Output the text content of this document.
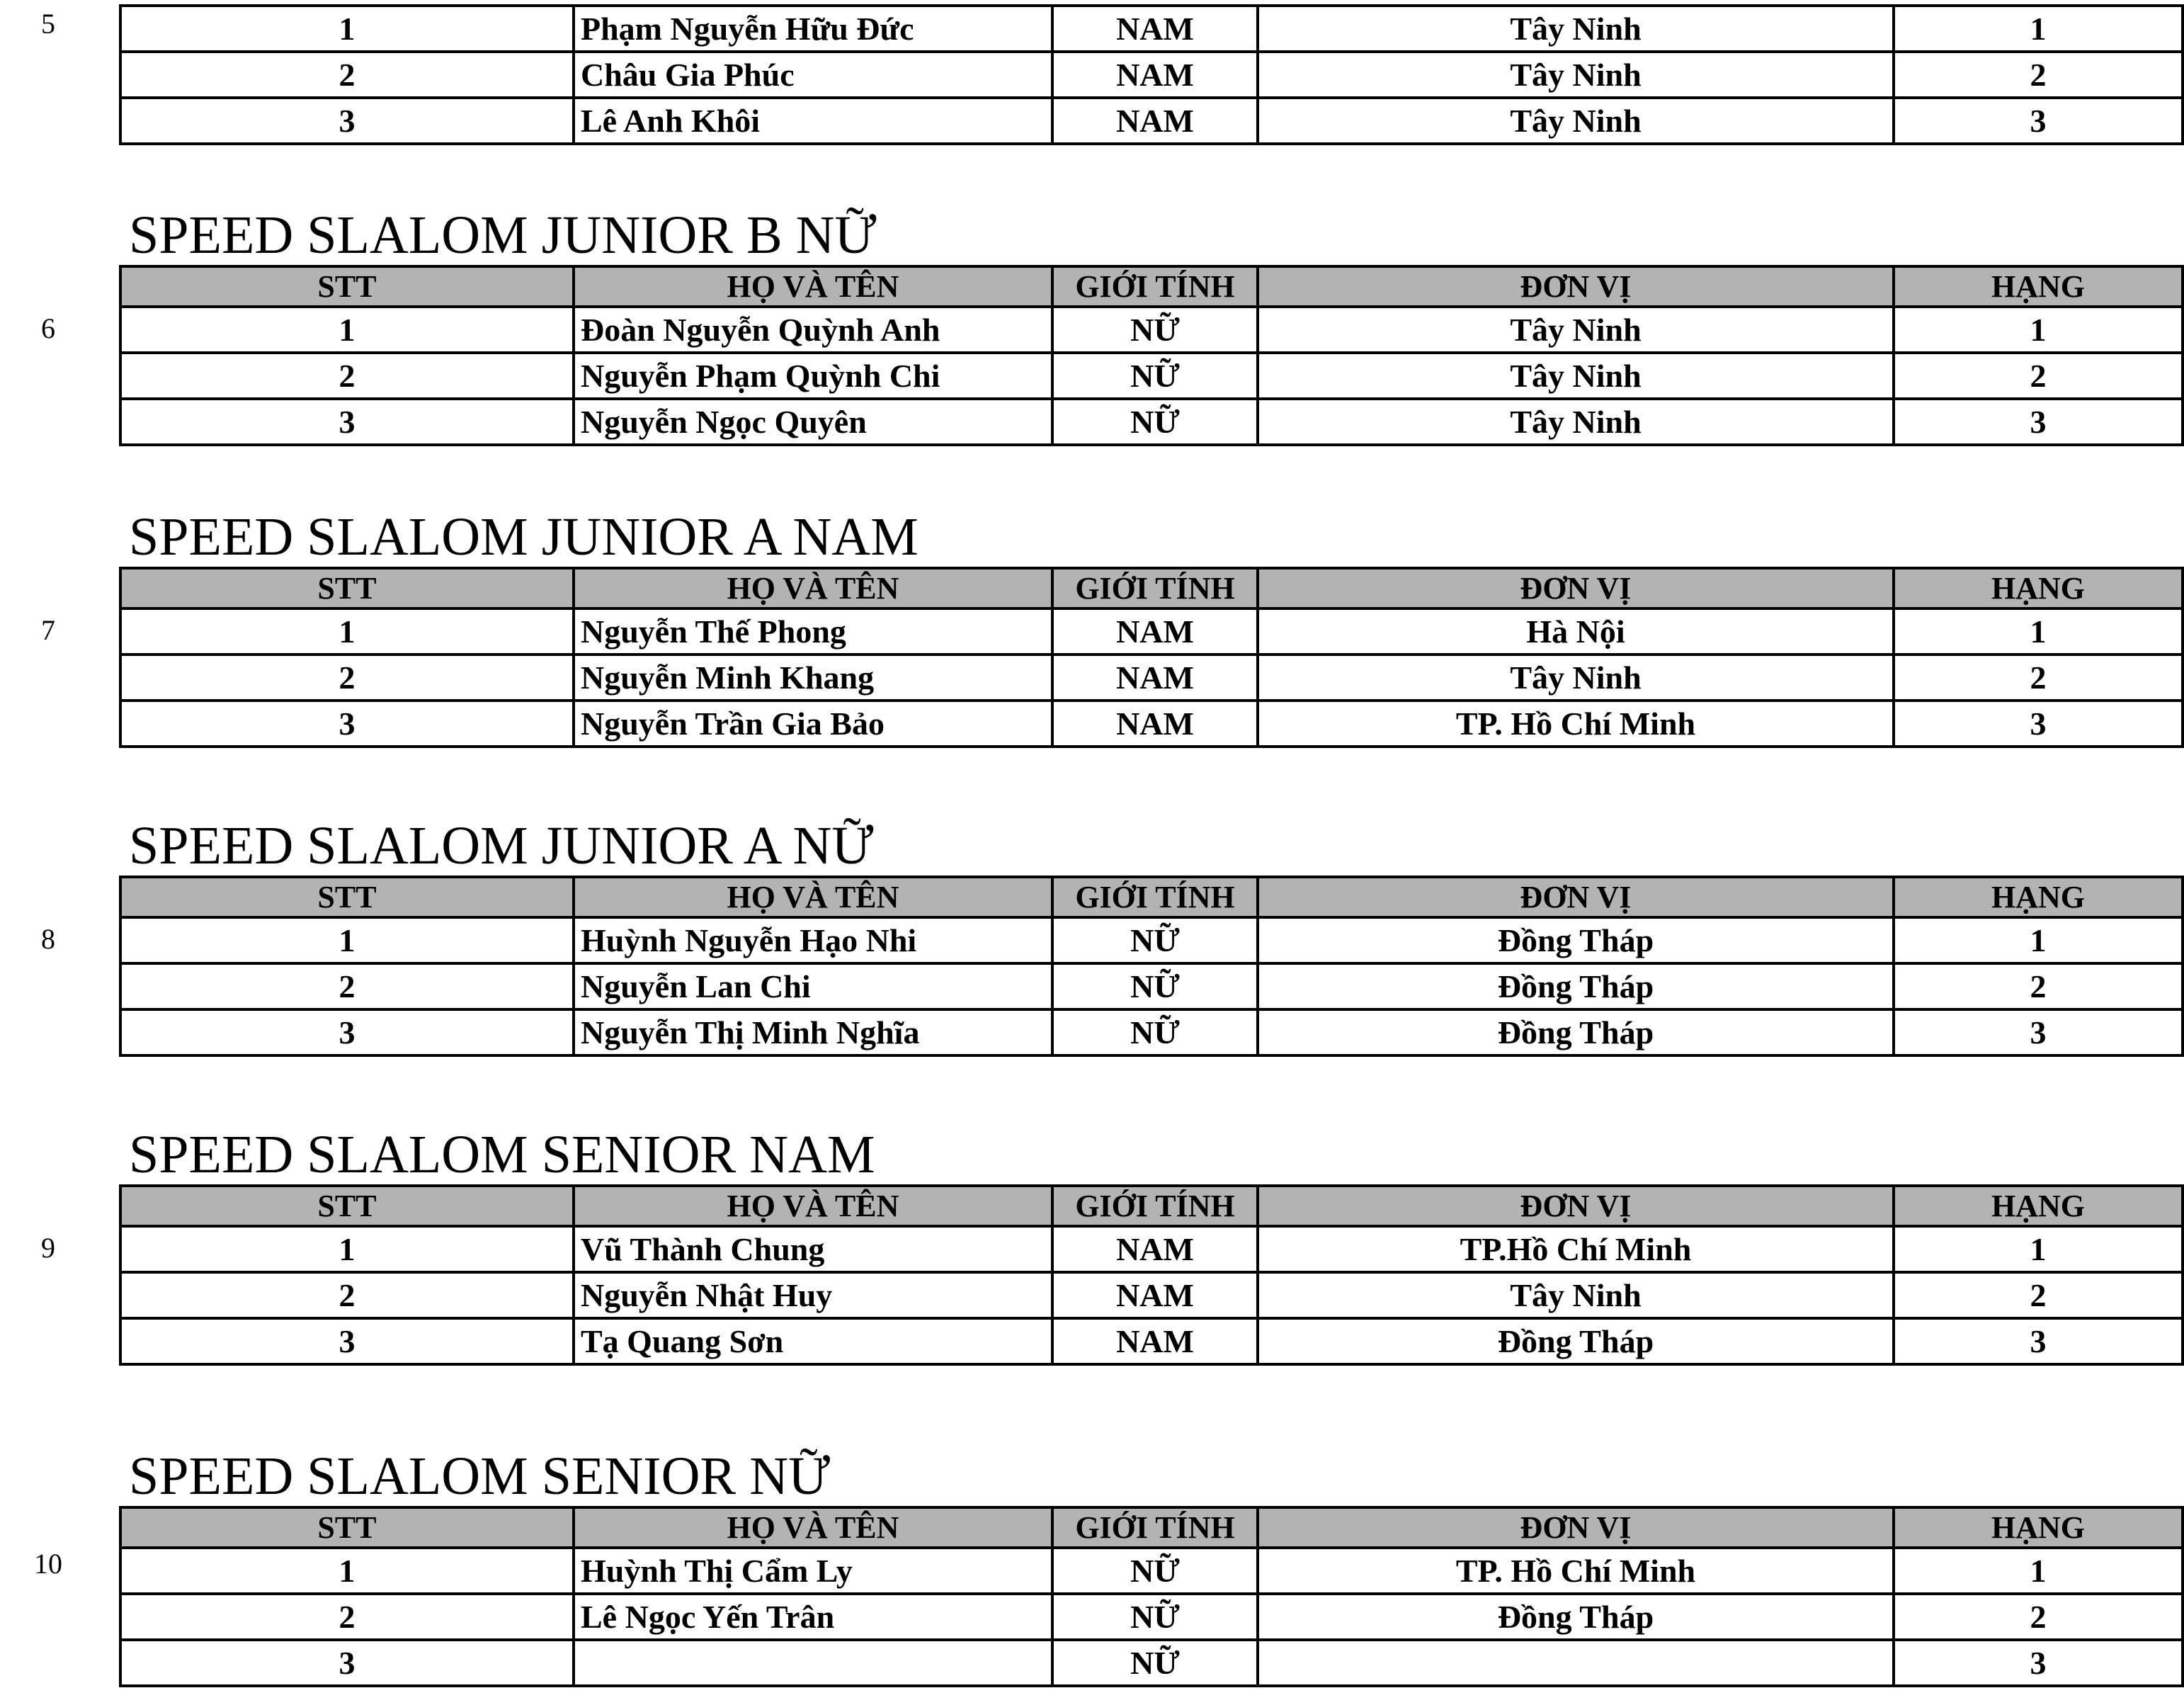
5	1	Phạm Nguyễn Hữu Đức	NAM	Tây Ninh	1
2	Châu Gia Phúc	NAM	Tây Ninh	2
3	Lê Anh Khôi	NAM	Tây Ninh	3
6
SPEED SLALOM JUNIOR B NỮ
STT	HỌ VÀ TÊN	GIỚI TÍNH	ĐƠN VỊ	HẠNG
1	Đoàn Nguyễn Quỳnh Anh	NỮ	Tây Ninh	1
2	Nguyễn Phạm Quỳnh Chi	NỮ	Tây Ninh	2
3	Nguyễn Ngọc Quyên	NỮ	Tây Ninh	3
7
SPEED SLALOM JUNIOR A NAM
STT	HỌ VÀ TÊN	GIỚI TÍNH	ĐƠN VỊ	HẠNG
1	Nguyễn Thế Phong	NAM	Hà Nội	1
2	Nguyễn Minh Khang	NAM	Tây Ninh	2
3	Nguyễn Trần Gia Bảo	NAM	TP. Hồ Chí Minh	3
8
SPEED SLALOM JUNIOR A NỮ
STT	HỌ VÀ TÊN	GIỚI TÍNH	ĐƠN VỊ	HẠNG
1	Huỳnh Nguyễn Hạo Nhi	NỮ	Đồng Tháp	1
2	Nguyễn Lan Chi	NỮ	Đồng Tháp	2
3	Nguyễn Thị Minh Nghĩa	NỮ	Đồng Tháp	3
9
SPEED SLALOM SENIOR NAM
STT	HỌ VÀ TÊN	GIỚI TÍNH	ĐƠN VỊ	HẠNG
1	Vũ Thành Chung	NAM	TP.Hồ Chí Minh	1
2	Nguyễn Nhật Huy	NAM	Tây Ninh	2
3	Tạ Quang Sơn	NAM	Đồng Tháp	3
10
SPEED SLALOM SENIOR NỮ
STT	HỌ VÀ TÊN	GIỚI TÍNH	ĐƠN VỊ	HẠNG
1	Huỳnh Thị Cẩm Ly	NỮ	TP. Hồ Chí Minh	1
2	Lê Ngọc Yến Trân	NỮ	Đồng Tháp	2
3		NỮ		3
